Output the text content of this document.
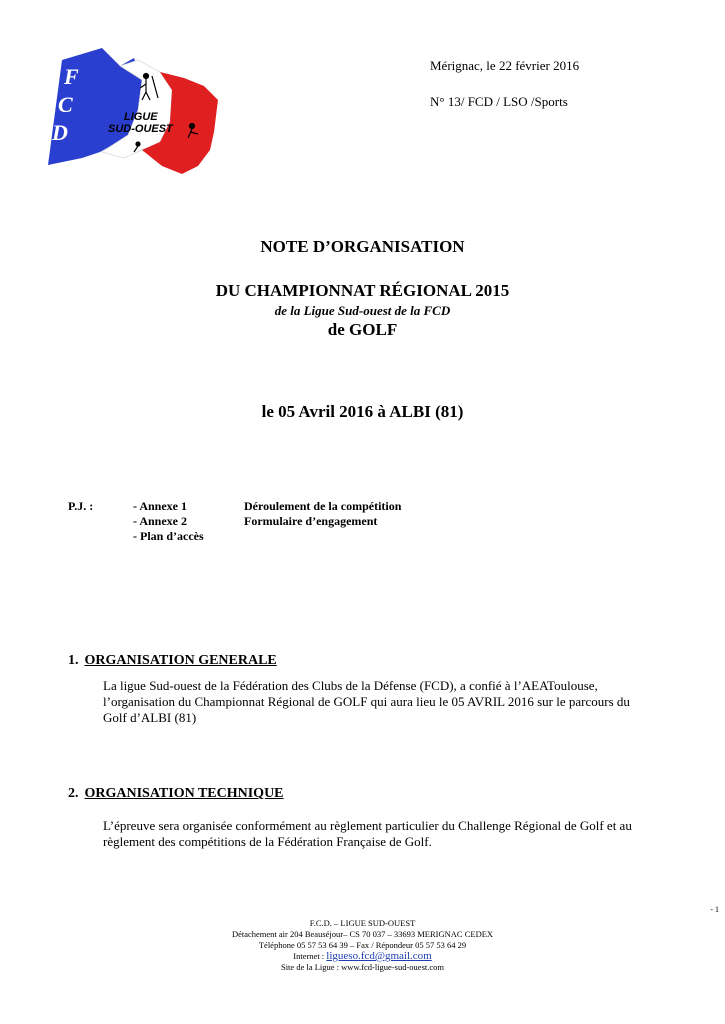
F
C
D
LIGUE
SUD-OUEST
Mérignac, le 22 février 2016
N° 13/ FCD / LSO /Sports
NOTE D’ORGANISATION
DU CHAMPIONNAT RÉGIONAL 2015
de la Ligue Sud-ouest de la FCD
de GOLF
le 05 Avril 2016 à ALBI (81)
P.J. :	- Annexe 1	Déroulement de la compétition
- Annexe 2	Formulaire d’engagement
- Plan d’accès
1. ORGANISATION GENERALE
La ligue Sud-ouest de la Fédération des Clubs de la Défense (FCD), a confié à l’AEAToulouse,
l’organisation du Championnat Régional de GOLF qui aura lieu le 05 AVRIL 2016 sur le parcours du
Golf d’ALBI (81)
2. ORGANISATION TECHNIQUE
L’épreuve sera organisée conformément au règlement particulier du Challenge Régional de Golf et au
règlement des compétitions de la Fédération Française de Golf.
- 1
F.C.D. – LIGUE SUD-OUEST
Détachement air 204 Beauséjour– CS 70 037 – 33693 MERIGNAC CEDEX
Téléphone 05 57 53 64 39 – Fax / Répondeur 05 57 53 64 29
Internet : ligueso.fcd@gmail.com
Site de la Ligue : www.fcd-ligue-sud-ouest.com
